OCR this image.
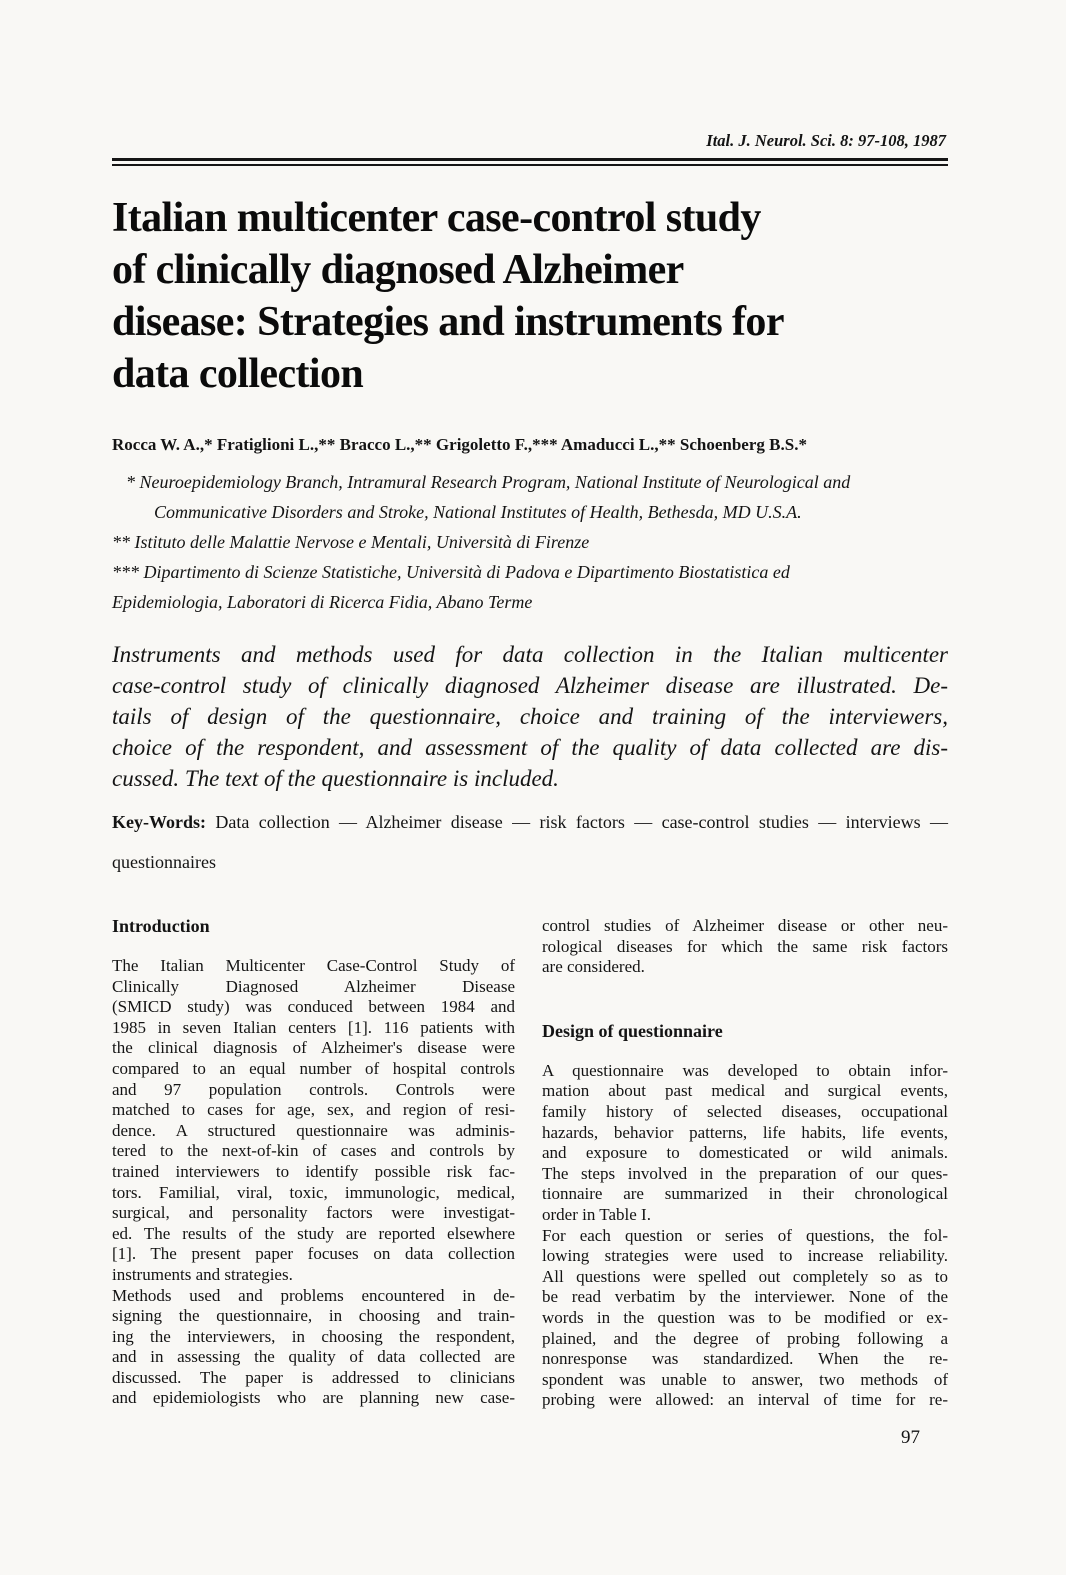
Ital. J. Neurol. Sci. 8: 97-108, 1987
Italian multicenter case-control study
of clinically diagnosed Alzheimer
disease: Strategies and instruments for
data collection
Rocca W. A.,* Fratiglioni L.,** Bracco L.,** Grigoletto F.,*** Amaducci L.,** Schoenberg B.S.*
* Neuroepidemiology Branch, Intramural Research Program, National Institute of Neurological and
Communicative Disorders and Stroke, National Institutes of Health, Bethesda, MD U.S.A.
** Istituto delle Malattie Nervose e Mentali, Università di Firenze
*** Dipartimento di Scienze Statistiche, Università di Padova e Dipartimento Biostatistica ed
Epidemiologia, Laboratori di Ricerca Fidia, Abano Terme
Instruments and methods used for data collection in the Italian multicenter
case-control study of clinically diagnosed Alzheimer disease are illustrated. De-
tails of design of the questionnaire, choice and training of the interviewers,
choice of the respondent, and assessment of the quality of data collected are dis-
cussed. The text of the questionnaire is included.
Key-Words: Data collection — Alzheimer disease — risk factors — case-control studies — interviews —
questionnaires
Introduction
The Italian Multicenter Case-Control Study of
Clinically Diagnosed Alzheimer Disease
(SMICD study) was conduced between 1984 and
1985 in seven Italian centers [1]. 116 patients with
the clinical diagnosis of Alzheimer's disease were
compared to an equal number of hospital controls
and 97 population controls. Controls were
matched to cases for age, sex, and region of resi-
dence. A structured questionnaire was adminis-
tered to the next-of-kin of cases and controls by
trained interviewers to identify possible risk fac-
tors. Familial, viral, toxic, immunologic, medical,
surgical, and personality factors were investigat-
ed. The results of the study are reported elsewhere
[1]. The present paper focuses on data collection
instruments and strategies.
Methods used and problems encountered in de-
signing the questionnaire, in choosing and train-
ing the interviewers, in choosing the respondent,
and in assessing the quality of data collected are
discussed. The paper is addressed to clinicians
and epidemiologists who are planning new case-
control studies of Alzheimer disease or other neu-
rological diseases for which the same risk factors
are considered.
Design of questionnaire
A questionnaire was developed to obtain infor-
mation about past medical and surgical events,
family history of selected diseases, occupational
hazards, behavior patterns, life habits, life events,
and exposure to domesticated or wild animals.
The steps involved in the preparation of our ques-
tionnaire are summarized in their chronological
order in Table I.
For each question or series of questions, the fol-
lowing strategies were used to increase reliability.
All questions were spelled out completely so as to
be read verbatim by the interviewer. None of the
words in the question was to be modified or ex-
plained, and the degree of probing following a
nonresponse was standardized. When the re-
spondent was unable to answer, two methods of
probing were allowed: an interval of time for re-
97
